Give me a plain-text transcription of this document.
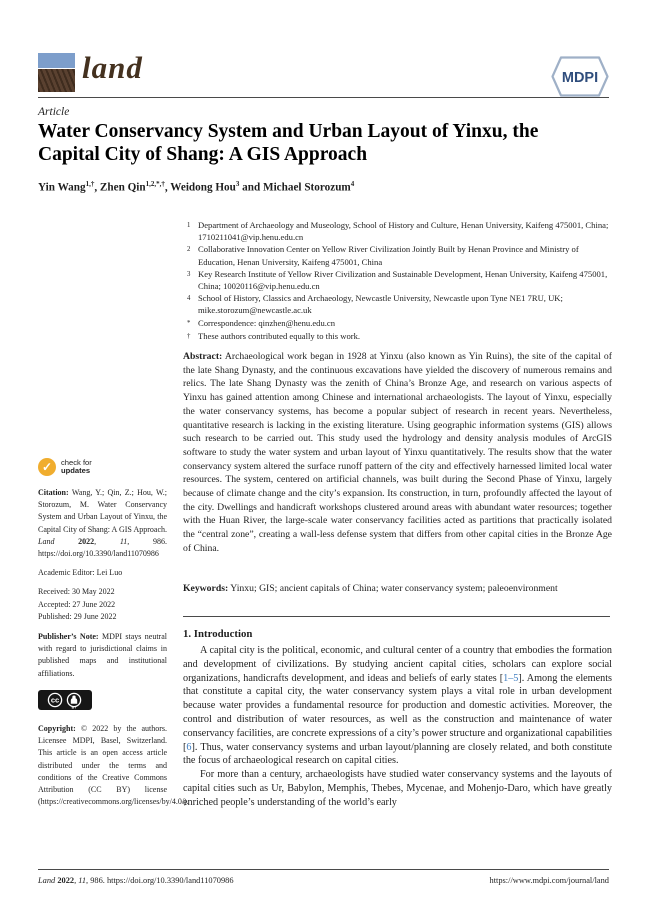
land	MDPI
Article
Water Conservancy System and Urban Layout of Yinxu, the Capital City of Shang: A GIS Approach
Yin Wang$^{1,\dagger}$, Zhen Qin$^{1,2,*,\dagger}$, Weidong Hou$^3$ and Michael Storozum$^4$
1 Department of Archaeology and Museology, School of History and Culture, Henan University, Kaifeng 475001, China; 1710211041@vip.henu.edu.cn
2 Collaborative Innovation Center on Yellow River Civilization Jointly Built by Henan Province and Ministry of Education, Henan University, Kaifeng 475001, China
3 Key Research Institute of Yellow River Civilization and Sustainable Development, Henan University, Kaifeng 475001, China; 10020116@vip.henu.edu.cn
4 School of History, Classics and Archaeology, Newcastle University, Newcastle upon Tyne NE1 7RU, UK; mike.storozum@newcastle.ac.uk
* Correspondence: qinzhen@henu.edu.cn
† These authors contributed equally to this work.
Abstract: Archaeological work began in 1928 at Yinxu (also known as Yin Ruins), the site of the capital of the late Shang Dynasty, and the continuous excavations have yielded the discovery of numerous remains and relics. The late Shang Dynasty was the zenith of China’s Bronze Age, and research on various aspects of Yinxu has gained attention among Chinese and international archaeologists. The layout of Yinxu, especially the water conservancy systems, has become a popular subject of research in recent years. Nevertheless, quantitative research is lacking in the existing literature. Using geographic information systems (GIS) allows such research to be carried out. This study used the hydrology and density analysis modules of ArcGIS software to study the water system and urban layout of Yinxu quantitatively. The results show that the water conservancy system altered the surface runoff pattern of the city and effectively harnessed limited local water resources. The system, centered on artificial channels, was built during the Second Phase of Yinxu, largely because of climate change and the city’s expansion. Its construction, in turn, profoundly affected the layout of the city. Dwellings and handicraft workshops clustered around areas with abundant water resources; together with the Huan River, the large-scale water conservancy facilities acted as partitions that practically isolated the “central zone”, creating a wall-less defense system that differs from other capital cities in the Bronze Age of China.
Keywords: Yinxu; GIS; ancient capitals of China; water conservancy system; paleoenvironment
1. Introduction

A capital city is the political, economic, and cultural center of a country that embodies the formation and development of civilizations. By studying ancient capital cities, scholars can explore social organizations, handicrafts development, and ideas and beliefs of early states [1–5]. Among the elements that constitute a capital city, the water conservancy system plays a vital role in urban development because water provides a fundamental resource for production and domestic activities. Moreover, the control and distribution of water resources, as well as the construction and maintenance of water conservancy facilities, are concrete expressions of a city’s power structure and organizational capabilities [6]. Thus, water conservancy systems and urban layout/planning are closely related, and both constitute the focus of archaeological research on capital cities.

For more than a century, archaeologists have studied water conservancy systems and the layouts of capital cities such as Ur, Babylon, Memphis, Thebes, Mycenae, and Mohenjo-Daro, which have greatly enriched people’s understanding of the world’s early

✓	check for
updates
Citation: Wang, Y.; Qin, Z.; Hou, W.; Storozum, M. Water Conservancy System and Urban Layout of Yinxu, the Capital City of Shang: A GIS Approach. Land 2022, 11, 986. https://doi.org/10.3390/land11070986
Academic Editor: Lei Luo
Received: 30 May 2022
Accepted: 27 June 2022
Published: 29 June 2022
Publisher’s Note: MDPI stays neutral with regard to jurisdictional claims in published maps and institutional affiliations.
cc
BY
Copyright: © 2022 by the authors. Licensee MDPI, Basel, Switzerland. This article is an open access article distributed under the terms and conditions of the Creative Commons Attribution (CC BY) license (https://creativecommons.org/licenses/by/4.0/).
Land 2022, 11, 986. https://doi.org/10.3390/land11070986	https://www.mdpi.com/journal/land
